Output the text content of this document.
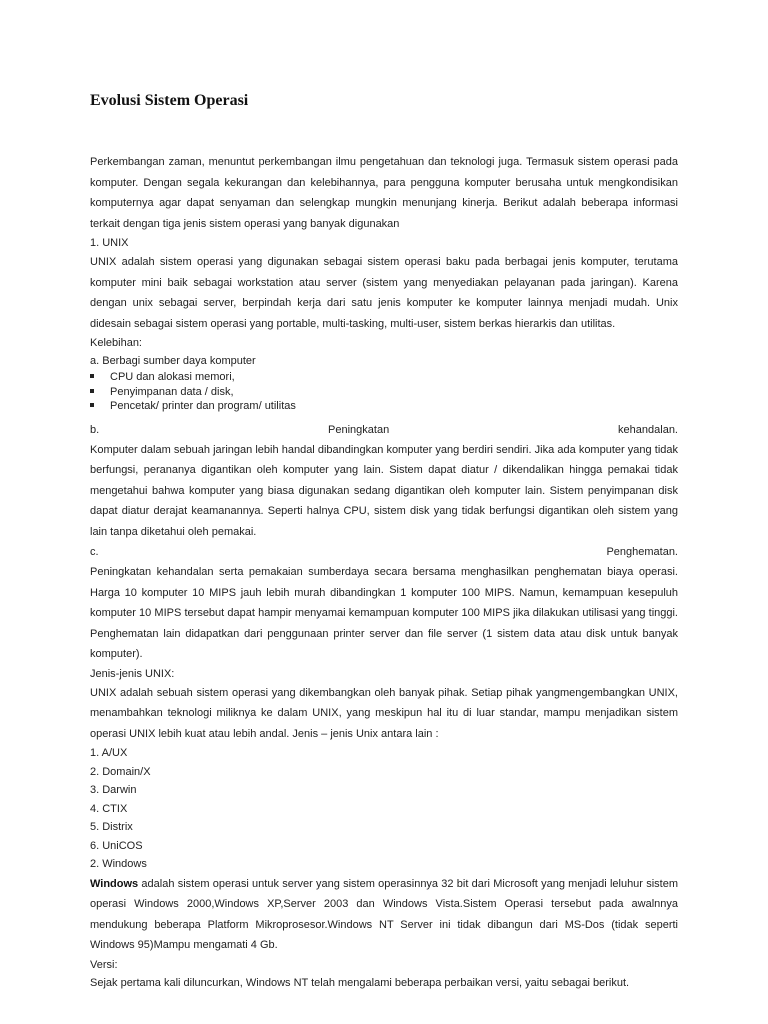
Evolusi Sistem Operasi

Perkembangan zaman, menuntut perkembangan ilmu pengetahuan dan teknologi juga. Termasuk sistem operasi pada komputer. Dengan segala kekurangan dan kelebihannya, para pengguna komputer berusaha untuk mengkondisikan komputernya agar dapat senyaman dan selengkap mungkin menunjang kinerja. Berikut adalah beberapa informasi terkait dengan tiga jenis sistem operasi yang banyak digunakan

1. UNIX

UNIX adalah sistem operasi yang digunakan sebagai sistem operasi baku pada berbagai jenis komputer, terutama komputer mini baik sebagai workstation atau server (sistem yang menyediakan pelayanan pada jaringan). Karena dengan unix sebagai server, berpindah kerja dari satu jenis komputer ke komputer lainnya menjadi mudah. Unix didesain sebagai sistem operasi yang portable, multi-tasking, multi-user, sistem berkas hierarkis dan utilitas.

Kelebihan:

a. Berbagi sumber daya komputer

CPU dan alokasi memori,
Penyimpanan data / disk,
Pencetak/ printer dan program/ utilitas

b.	Peningkatan	kehandalan.

Komputer dalam sebuah jaringan lebih handal dibandingkan komputer yang berdiri sendiri. Jika ada komputer yang tidak berfungsi, perananya digantikan oleh komputer yang lain. Sistem dapat diatur / dikendalikan hingga pemakai tidak mengetahui bahwa komputer yang biasa digunakan sedang digantikan oleh komputer lain. Sistem penyimpanan disk dapat diatur derajat keamanannya. Seperti halnya CPU, sistem disk yang tidak berfungsi digantikan oleh sistem yang lain tanpa diketahui oleh pemakai.

c.	Penghematan.

Peningkatan kehandalan serta pemakaian sumberdaya secara bersama menghasilkan penghematan biaya operasi. Harga 10 komputer 10 MIPS jauh lebih murah dibandingkan 1 komputer 100 MIPS. Namun, kemampuan kesepuluh komputer 10 MIPS tersebut dapat hampir menyamai kemampuan komputer 100 MIPS jika dilakukan utilisasi yang tinggi. Penghematan lain didapatkan dari penggunaan printer server dan file server (1 sistem data atau disk untuk banyak komputer).

Jenis-jenis UNIX:

UNIX adalah sebuah sistem operasi yang dikembangkan oleh banyak pihak. Setiap pihak yangmengembangkan UNIX, menambahkan teknologi miliknya ke dalam UNIX, yang meskipun hal itu di luar standar, mampu menjadikan sistem operasi UNIX lebih kuat atau lebih andal. Jenis – jenis Unix antara lain :

1. A/UX

2. Domain/X

3. Darwin

4. CTIX

5. Distrix

6. UniCOS

2. Windows

Windows adalah sistem operasi untuk server yang sistem operasinnya 32 bit dari Microsoft yang menjadi leluhur sistem operasi Windows 2000,Windows XP,Server 2003 dan Windows Vista.Sistem Operasi tersebut pada awalnnya mendukung beberapa Platform Mikroprosesor.Windows NT Server ini tidak dibangun dari MS-Dos (tidak seperti Windows 95)Mampu mengamati 4 Gb.

Versi:

Sejak pertama kali diluncurkan, Windows NT telah mengalami beberapa perbaikan versi, yaitu sebagai berikut.
